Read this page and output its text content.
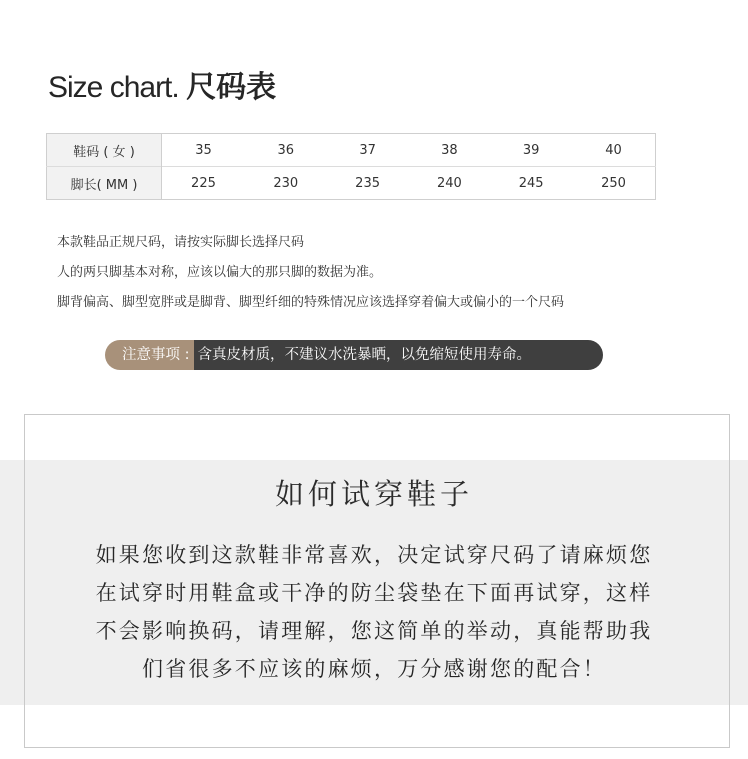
Size chart. 尺码表
鞋码 ( 女 )	35	36	37	38	39	40
脚长( MM )	225	230	235	240	245	250
本款鞋品正规尺码，请按实际脚长选择尺码
人的两只脚基本对称，应该以偏大的那只脚的数据为准。
脚背偏高、脚型宽胖或是脚背、脚型纤细的特殊情况应该选择穿着偏大或偏小的一个尺码
注意事项 : 含真皮材质，不建议水洗暴晒，以免缩短使用寿命。
如何试穿鞋子
如果您收到这款鞋非常喜欢，决定试穿尺码了请麻烦您
在试穿时用鞋盒或干净的防尘袋垫在下面再试穿，这样
不会影响换码，请理解，您这简单的举动，真能帮助我
们省很多不应该的麻烦，万分感谢您的配合！
